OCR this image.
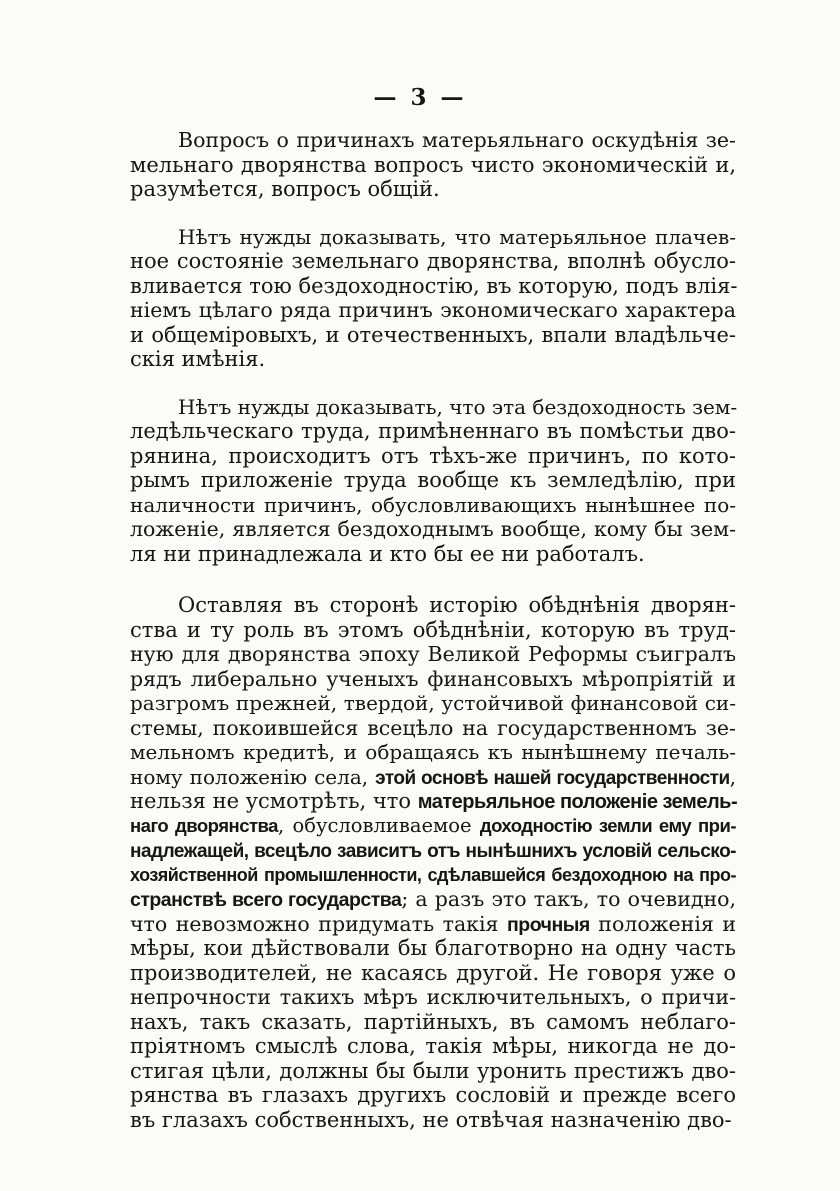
— 3 —
Вопросъ о причинахъ матерьяльнаго оскудѣнія зе-
мельнаго дворянства вопросъ чисто экономическій и,
разумѣется, вопросъ общій.
Нѣтъ нужды доказывать, что матерьяльное плачев-
ное состояніе земельнаго дворянства, вполнѣ обусло-
вливается тою бездоходностію, въ которую, подъ влія-
ніемъ цѣлаго ряда причинъ экономическаго характера
и общеміровыхъ, и отечественныхъ, впали владѣльче-
скія имѣнія.
Нѣтъ нужды доказывать, что эта бездоходность зем-
ледѣльческаго труда, примѣненнаго въ помѣстьи дво-
рянина, происходитъ отъ тѣхъ-же причинъ, по кото-
рымъ приложеніе труда вообще къ земледѣлію, при
наличности причинъ, обусловливающихъ нынѣшнее по-
ложеніе, является бездоходнымъ вообще, кому бы зем-
ля ни принадлежала и кто бы ее ни работалъ.
Оставляя въ сторонѣ исторію обѣднѣнія дворян-
ства и ту роль въ этомъ обѣднѣніи, которую въ труд-
ную для дворянства эпоху Великой Реформы съигралъ
рядъ либерально ученыхъ финансовыхъ мѣропріятій и
разгромъ прежней, твердой, устойчивой финансовой си-
стемы, покоившейся всецѣло на государственномъ зе-
мельномъ кредитѣ, и обращаясь къ нынѣшнему печаль-
ному положенію села, этой основѣ нашей государственности,
нельзя не усмотрѣть, что матерьяльное положеніе земель-
наго дворянства, обусловливаемое доходностію земли ему при-
надлежащей, всецѣло зависитъ отъ нынѣшнихъ условій сельско-
хозяйственной промышленности, сдѣлавшейся бездоходною на про-
странствѣ всего государства; а разъ это такъ, то очевидно,
что невозможно придумать такія прочныя положенія и
мѣры, кои дѣйствовали бы благотворно на одну часть
производителей, не касаясь другой. Не говоря уже о
непрочности такихъ мѣръ исключительныхъ, о причи-
нахъ, такъ сказать, партійныхъ, въ самомъ неблаго-
пріятномъ смыслѣ слова, такія мѣры, никогда не до-
стигая цѣли, должны бы были уронить престижъ дво-
рянства въ глазахъ другихъ сословій и прежде всего
въ глазахъ собственныхъ, не отвѣчая назначенію дво-
